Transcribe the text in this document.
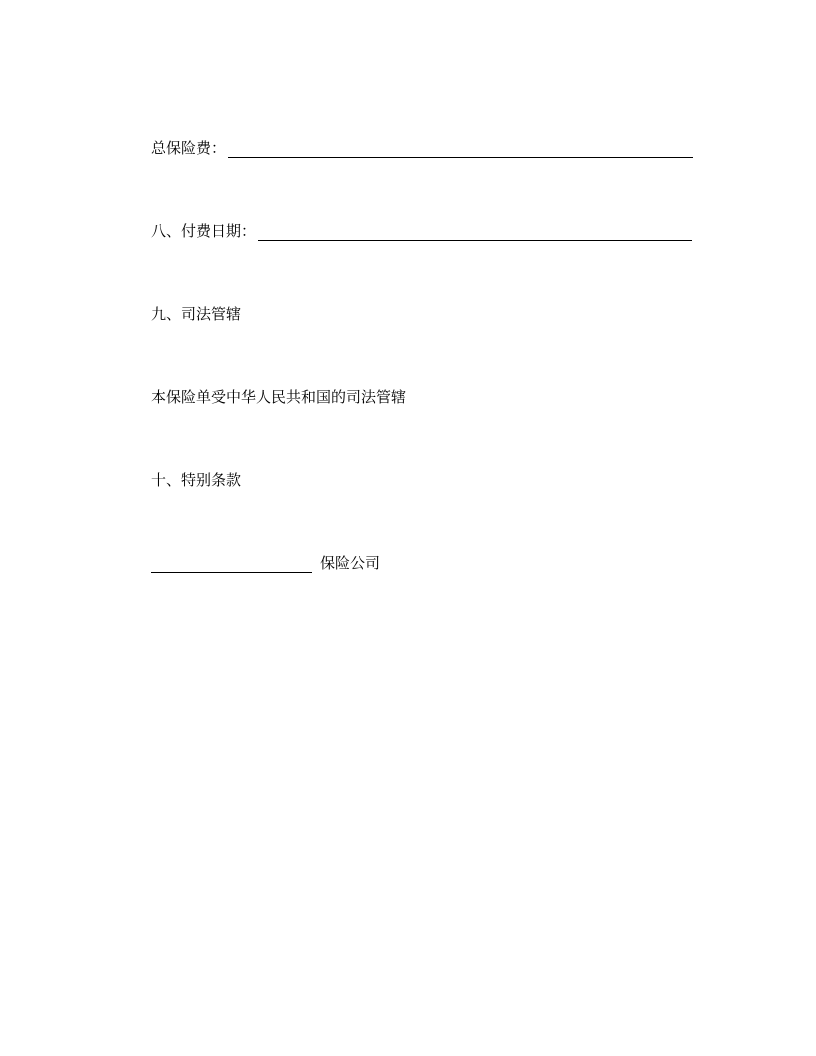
总保险费：
八、付费日期：
九、司法管辖
本保险单受中华人民共和国的司法管辖
十、特别条款
保险公司
